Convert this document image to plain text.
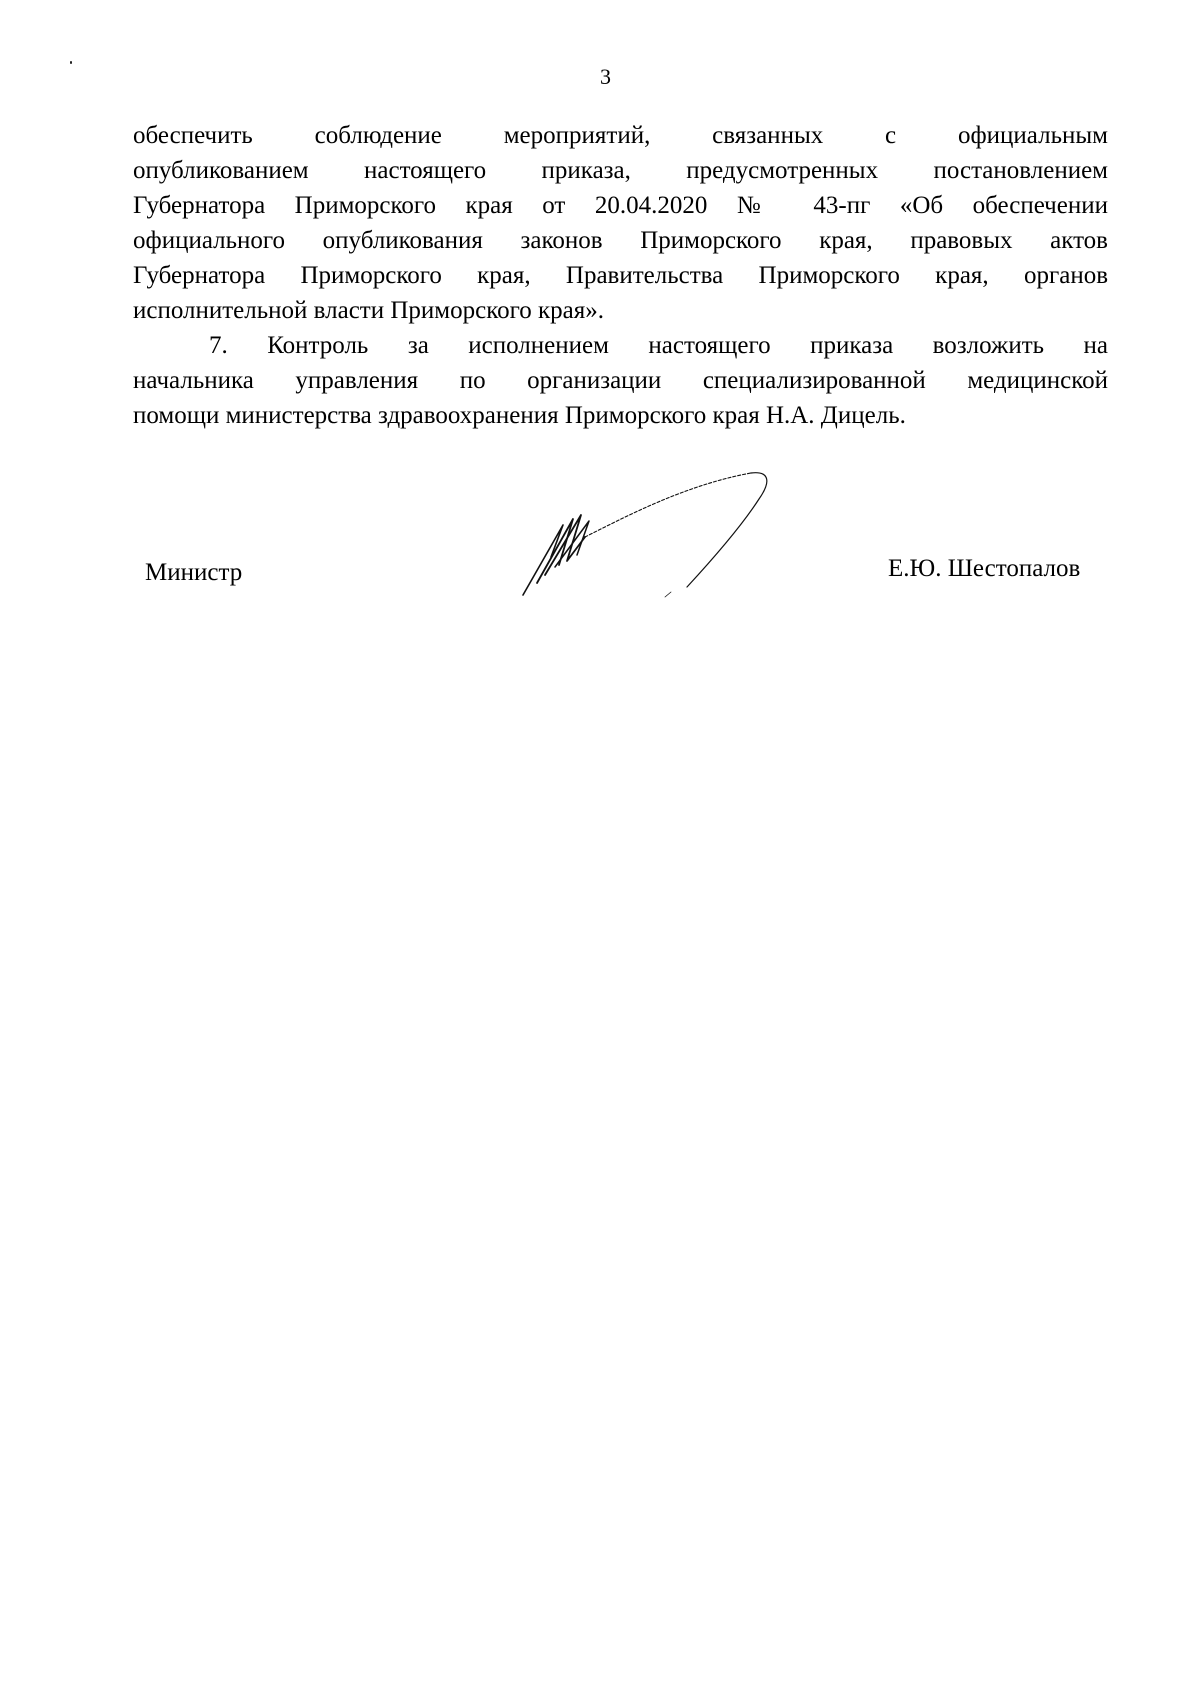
3
обеспечить соблюдение мероприятий, связанных с официальным
опубликованием настоящего приказа, предусмотренных постановлением
Губернатора Приморского края от 20.04.2020 № 43-пг «Об обеспечении
официального опубликования законов Приморского края, правовых актов
Губернатора Приморского края, Правительства Приморского края, органов
исполнительной власти Приморского края».
7. Контроль за исполнением настоящего приказа возложить на
начальника управления по организации специализированной медицинской
помощи министерства здравоохранения Приморского края Н.А. Дицель.
Министр	Е.Ю. Шестопалов
